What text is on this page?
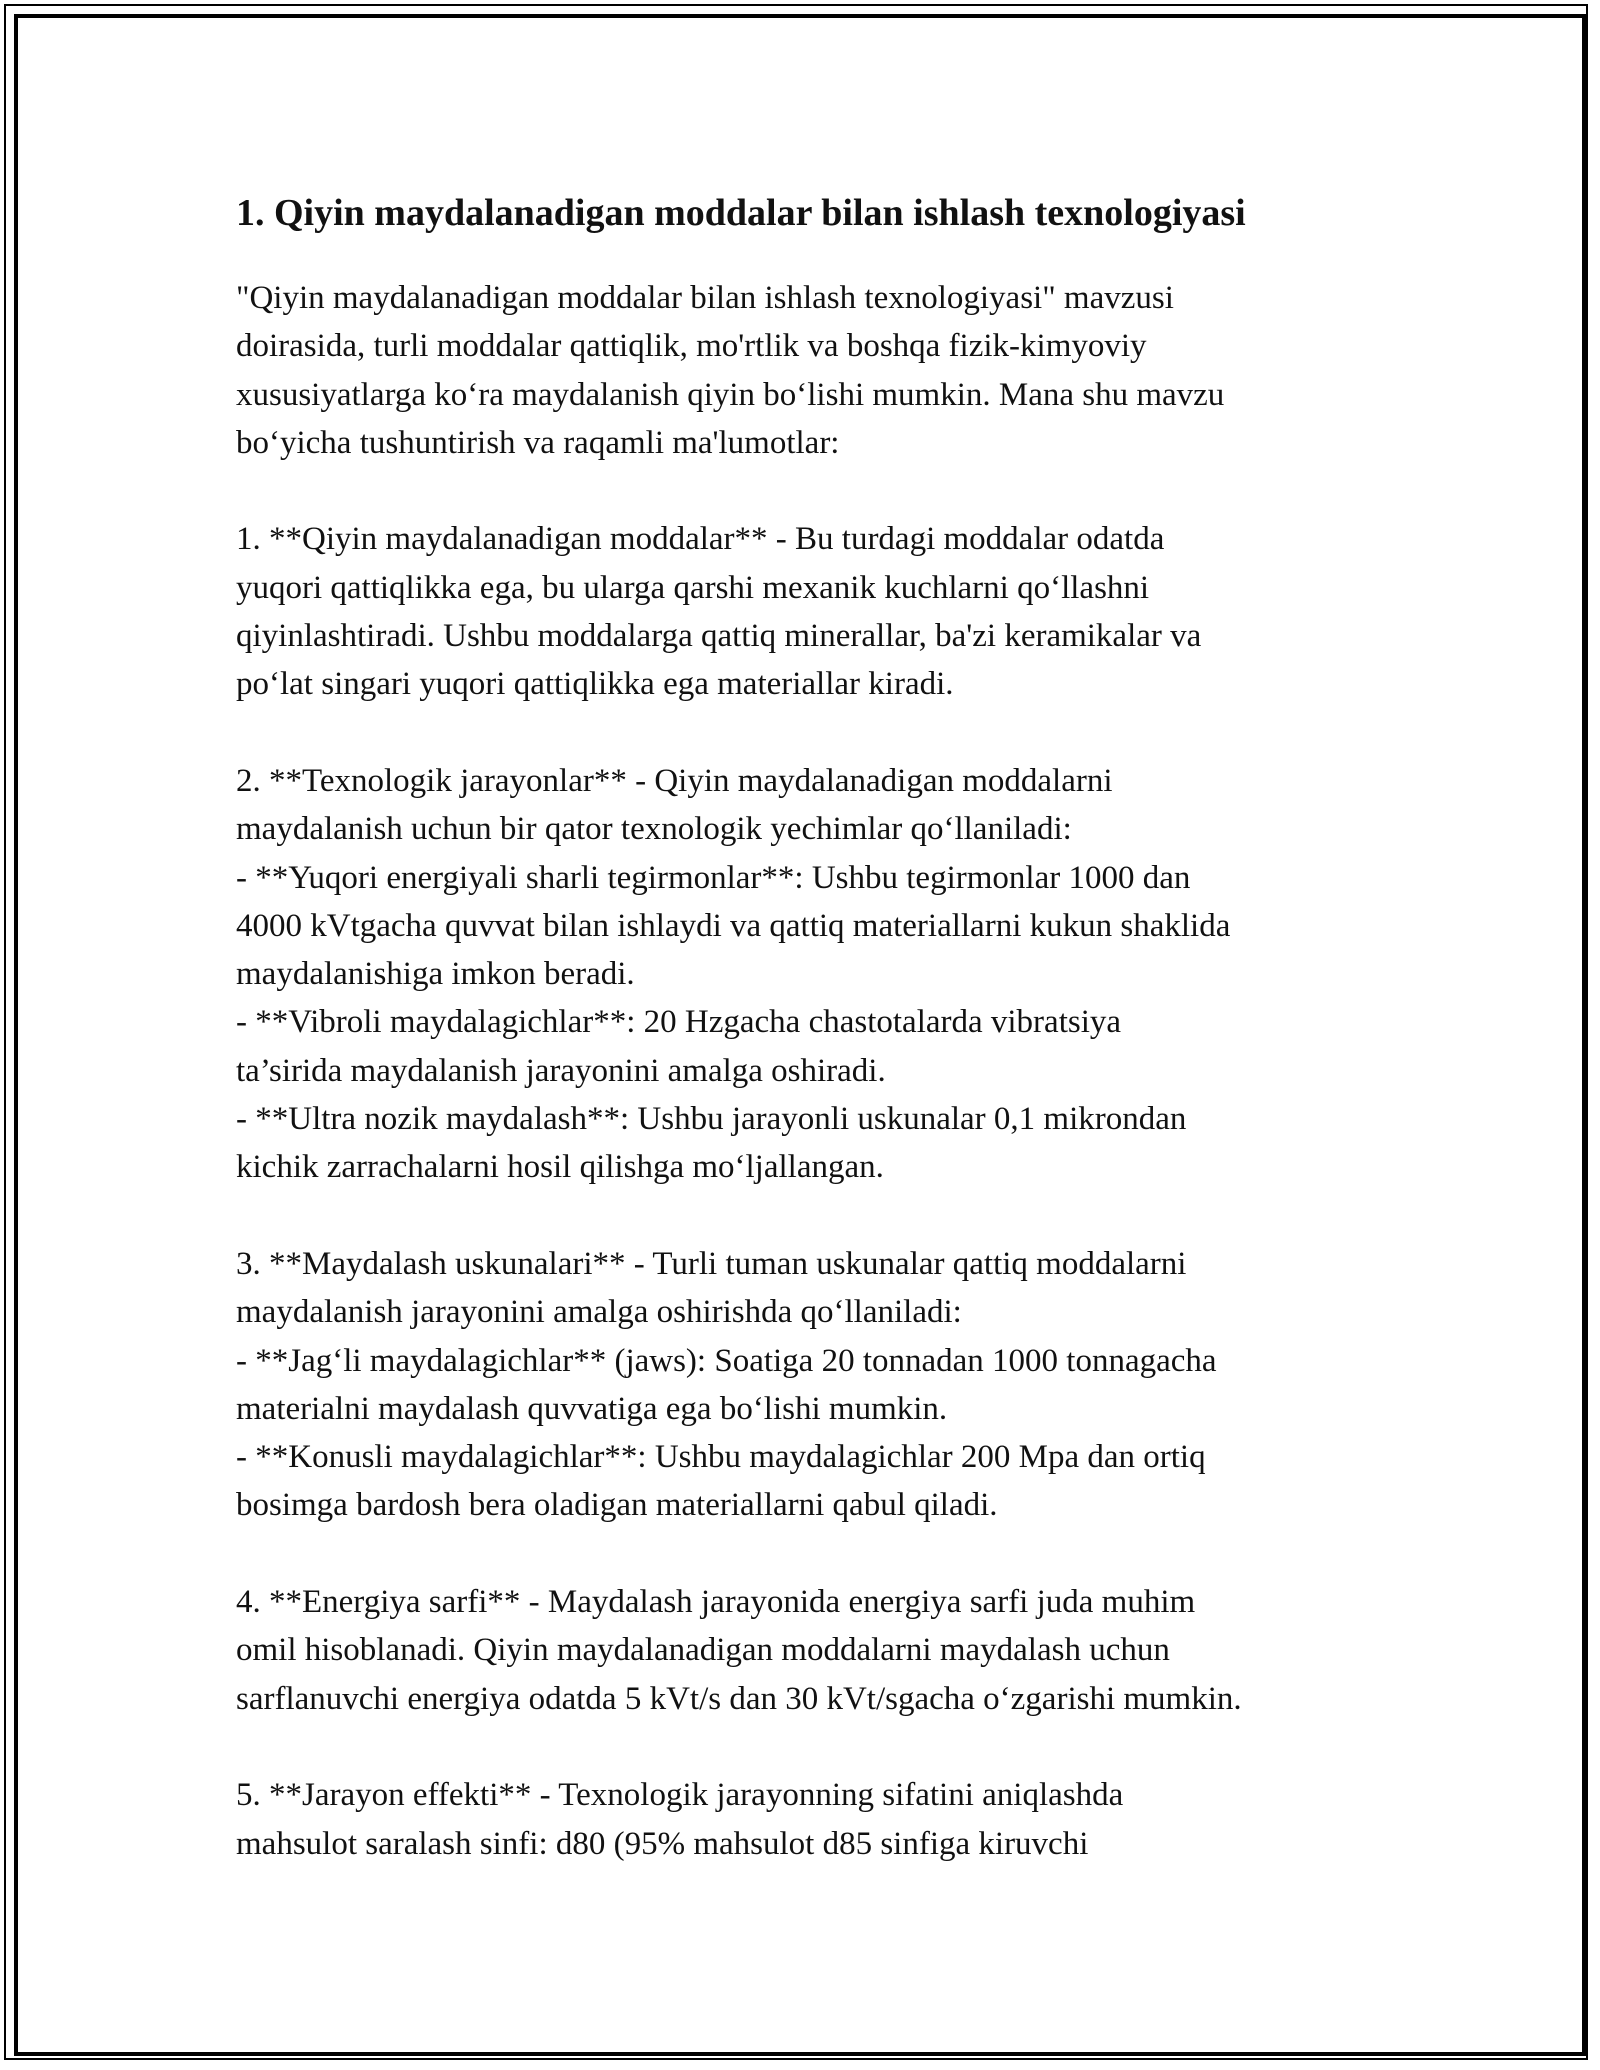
1. Qiyin maydalanadigan moddalar bilan ishlash texnologiyasi

"Qiyin maydalanadigan moddalar bilan ishlash texnologiyasi" mavzusi
doirasida, turli moddalar qattiqlik, mo'rtlik va boshqa fizik-kimyoviy
xususiyatlarga ko‘ra maydalanish qiyin bo‘lishi mumkin. Mana shu mavzu
bo‘yicha tushuntirish va raqamli ma'lumotlar:

1. **Qiyin maydalanadigan moddalar** - Bu turdagi moddalar odatda
yuqori qattiqlikka ega, bu ularga qarshi mexanik kuchlarni qo‘llashni
qiyinlashtiradi. Ushbu moddalarga qattiq minerallar, ba'zi keramikalar va
po‘lat singari yuqori qattiqlikka ega materiallar kiradi.

2. **Texnologik jarayonlar** - Qiyin maydalanadigan moddalarni
maydalanish uchun bir qator texnologik yechimlar qo‘llaniladi:
- **Yuqori energiyali sharli tegirmonlar**: Ushbu tegirmonlar 1000 dan
4000 kVtgacha quvvat bilan ishlaydi va qattiq materiallarni kukun shaklida
maydalanishiga imkon beradi.
- **Vibroli maydalagichlar**: 20 Hzgacha chastotalarda vibratsiya
ta’sirida maydalanish jarayonini amalga oshiradi.
- **Ultra nozik maydalash**: Ushbu jarayonli uskunalar 0,1 mikrondan
kichik zarrachalarni hosil qilishga mo‘ljallangan.

3. **Maydalash uskunalari** - Turli tuman uskunalar qattiq moddalarni
maydalanish jarayonini amalga oshirishda qo‘llaniladi:
- **Jag‘li maydalagichlar** (jaws): Soatiga 20 tonnadan 1000 tonnagacha
materialni maydalash quvvatiga ega bo‘lishi mumkin.
- **Konusli maydalagichlar**: Ushbu maydalagichlar 200 Mpa dan ortiq
bosimga bardosh bera oladigan materiallarni qabul qiladi.

4. **Energiya sarfi** - Maydalash jarayonida energiya sarfi juda muhim
omil hisoblanadi. Qiyin maydalanadigan moddalarni maydalash uchun
sarflanuvchi energiya odatda 5 kVt/s dan 30 kVt/sgacha o‘zgarishi mumkin.

5. **Jarayon effekti** - Texnologik jarayonning sifatini aniqlashda
mahsulot saralash sinfi: d80 (95% mahsulot d85 sinfiga kiruvchi
